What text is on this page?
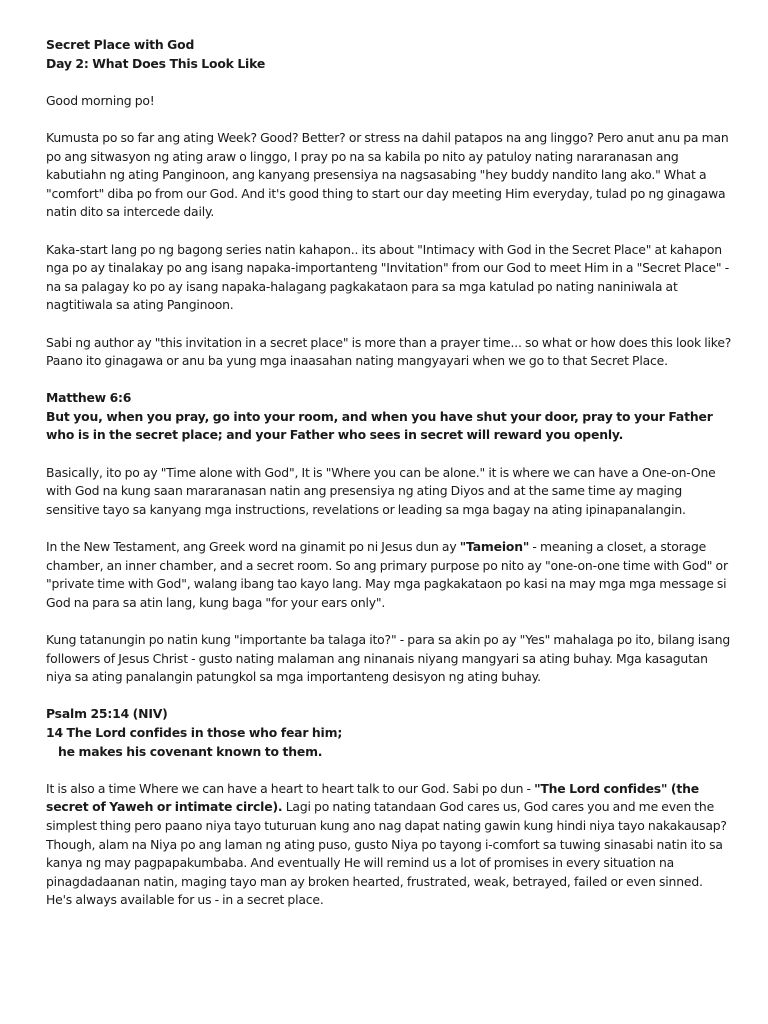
Secret Place with God

Day 2: What Does This Look Like

Good morning po!

Kumusta po so far ang ating Week? Good? Better? or stress na dahil patapos na ang linggo? Pero anut anu pa man po ang sitwasyon ng ating araw o linggo, I pray po na sa kabila po nito ay patuloy nating nararanasan ang kabutiahn ng ating Panginoon, ang kanyang presensiya na nagsasabing "hey buddy nandito lang ako." What a "comfort" diba po from our God. And it's good thing to start our day meeting Him everyday, tulad po ng ginagawa natin dito sa intercede daily.

Kaka-start lang po ng bagong series natin kahapon.. its about "Intimacy with God in the Secret Place" at kahapon nga po ay tinalakay po ang isang napaka-importanteng "Invitation" from our God to meet Him in a "Secret Place" - na sa palagay ko po ay isang napaka-halagang pagkakataon para sa mga katulad po nating naniniwala at nagtitiwala sa ating Panginoon.

Sabi ng author ay "this invitation in a secret place" is more than a prayer time... so what or how does this look like? Paano ito ginagawa or anu ba yung mga inaasahan nating mangyayari when we go to that Secret Place.

Matthew 6:6

But you, when you pray, go into your room, and when you have shut your door, pray to your Father who is in the secret place; and your Father who sees in secret will reward you openly.

Basically, ito po ay "Time alone with God", It is "Where you can be alone." it is where we can have a One-on-One with God na kung saan mararanasan natin ang presensiya ng ating Diyos and at the same time ay maging sensitive tayo sa kanyang mga instructions, revelations or leading sa mga bagay na ating ipinapanalangin.

In the New Testament, ang Greek word na ginamit po ni Jesus dun ay "Tameion" - meaning a closet, a storage chamber, an inner chamber, and a secret room. So ang primary purpose po nito ay "one-on-one time with God" or "private time with God", walang ibang tao kayo lang. May mga pagkakataon po kasi na may mga mga message si God na para sa atin lang, kung baga "for your ears only".

Kung tatanungin po natin kung "importante ba talaga ito?" - para sa akin po ay "Yes" mahalaga po ito, bilang isang followers of Jesus Christ - gusto nating malaman ang ninanais niyang mangyari sa ating buhay. Mga kasagutan niya sa ating panalangin patungkol sa mga importanteng desisyon ng ating buhay.

Psalm 25:14 (NIV)

14 The Lord confides in those who fear him;

he makes his covenant known to them.

It is also a time Where we can have a heart to heart talk to our God. Sabi po dun - "The Lord confides" (the secret of Yaweh or intimate circle). Lagi po nating tatandaan God cares us, God cares you and me even the simplest thing pero paano niya tayo tuturuan kung ano nag dapat nating gawin kung hindi niya tayo nakakausap? Though, alam na Niya po ang laman ng ating puso, gusto Niya po tayong i-comfort sa tuwing sinasabi natin ito sa kanya ng may pagpapakumbaba. And eventually He will remind us a lot of promises in every situation na pinagdadaanan natin, maging tayo man ay broken hearted, frustrated, weak, betrayed, failed or even sinned. He's always available for us - in a secret place.
